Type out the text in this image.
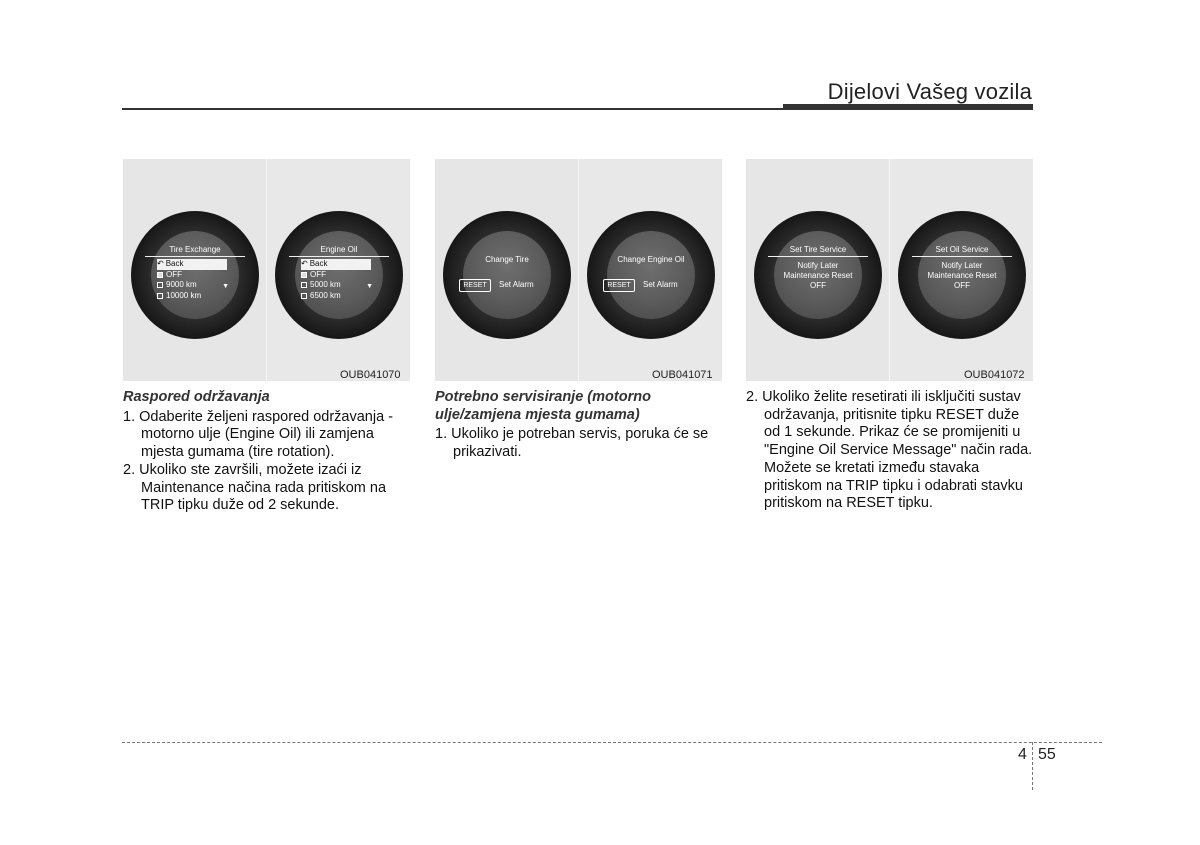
Dijelovi Vašeg vozila
Tire Exchange
↶ Back
OFF
9000 km
10000 km
▼
Engine Oil
↶ Back
OFF
5000 km
6500 km
▼
OUB041070
Change Tire
RESET	Set Alarm
Change Engine Oil
RESET	Set Alarm
OUB041071
Set Tire Service
Notify Later
Maintenance Reset
OFF
Set Oil Service
Notify Later
Maintenance Reset
OFF
OUB041072
Raspored održavanja
1. Odaberite željeni raspored održavanja - motorno ulje (Engine Oil) ili zamjena mjesta gumama (tire rotation).
2. Ukoliko ste završili, možete izaći iz Maintenance načina rada pritiskom na TRIP tipku duže od 2 sekunde.
Potrebno servisiranje (motorno ulje/zamjena mjesta gumama)
1. Ukoliko je potreban servis, poruka će se prikazivati.
2. Ukoliko želite resetirati ili isključiti sustav održavanja, pritisnite tipku RESET duže od 1 sekunde. Prikaz će se promijeniti u "Engine Oil Service Message" način rada.
Možete se kretati između stavaka pritiskom na TRIP tipku i odabrati stavku pritiskom na RESET tipku.
4 55
